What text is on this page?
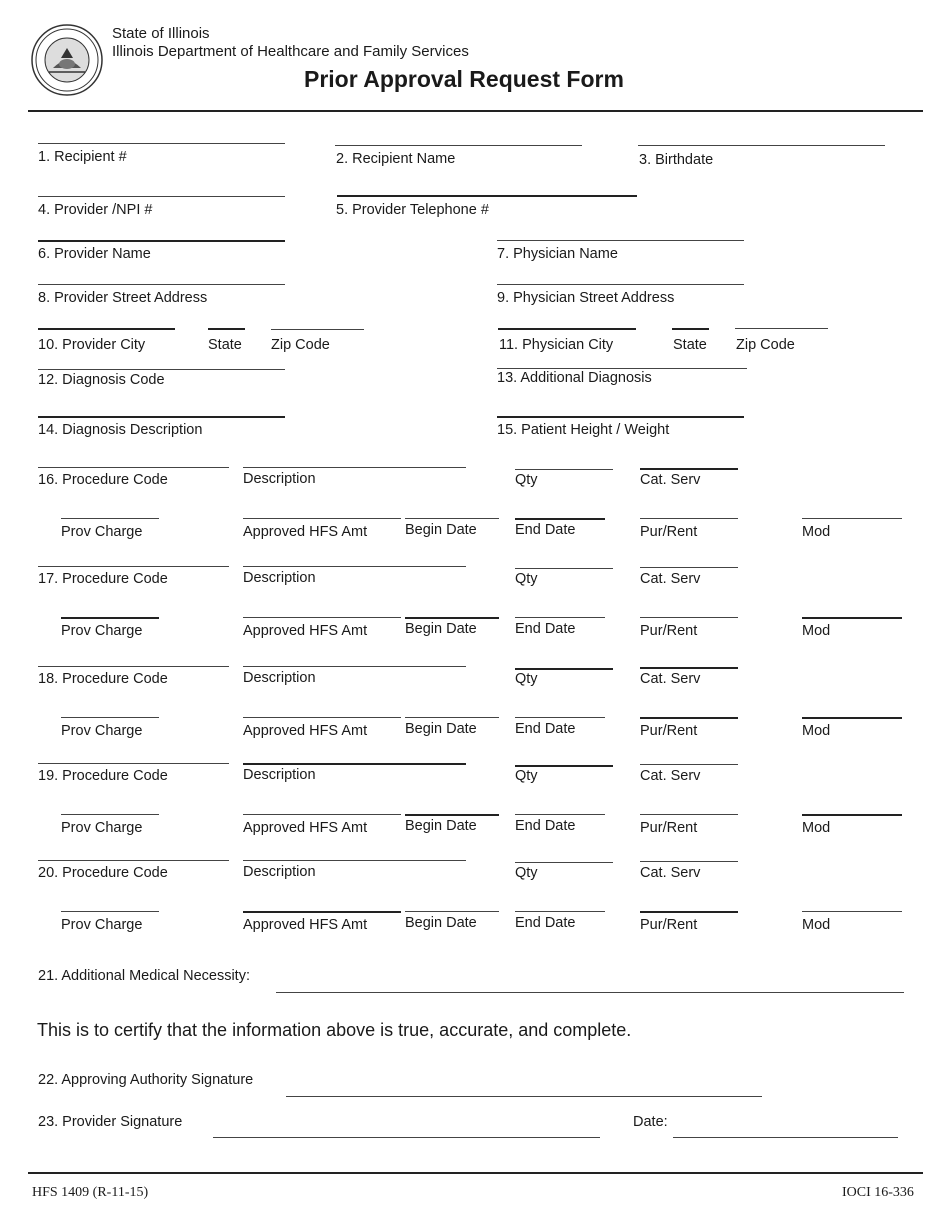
State of Illinois
Illinois Department of Healthcare and Family Services
Prior Approval Request Form
1. Recipient #	2. Recipient Name	3. Birthdate
4. Provider /NPI #	5. Provider Telephone #
6. Provider Name	7. Physician Name
8. Provider Street Address	9. Physician Street Address
10. Provider City	State Zip Code	11. Physician City	State Zip Code
12. Diagnosis Code	13. Additional Diagnosis
14. Diagnosis Description	15. Patient Height / Weight
16. Procedure Code	Description	Qty	Cat. Serv
Prov Charge	Approved HFS Amt	Begin Date	End Date	Pur/Rent	Mod
17. Procedure Code	Description	Qty	Cat. Serv
Prov Charge	Approved HFS Amt	Begin Date	End Date	Pur/Rent	Mod
18. Procedure Code	Description	Qty	Cat. Serv
Prov Charge	Approved HFS Amt	Begin Date	End Date	Pur/Rent	Mod
19. Procedure Code	Description	Qty	Cat. Serv
Prov Charge	Approved HFS Amt	Begin Date	End Date	Pur/Rent	Mod
20. Procedure Code	Description	Qty	Cat. Serv
Prov Charge	Approved HFS Amt	Begin Date	End Date	Pur/Rent	Mod
21. Additional Medical Necessity:
This is to certify that the information above is true, accurate, and complete.
22. Approving Authority Signature
23. Provider Signature	Date:
HFS 1409 (R-11-15)	IOCI 16-336
